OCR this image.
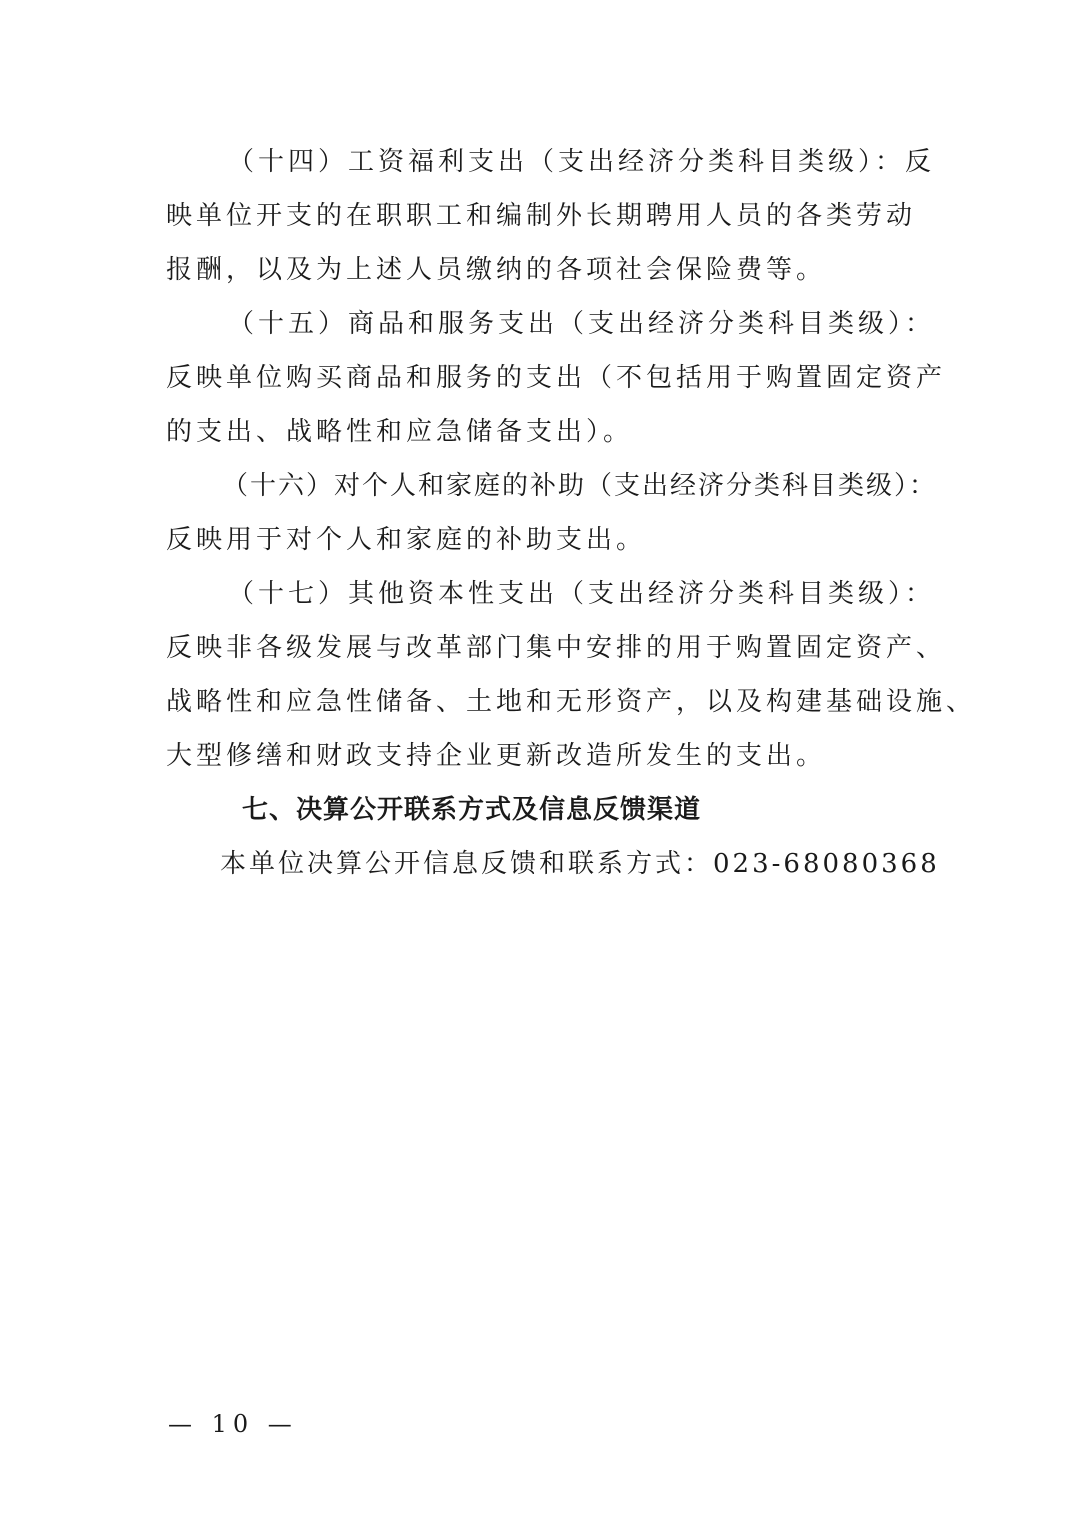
（十四）工资福利支出（支出经济分类科目类级）：反
映单位开支的在职职工和编制外长期聘用人员的各类劳动
报酬，以及为上述人员缴纳的各项社会保险费等。
（十五）商品和服务支出（支出经济分类科目类级）：
反映单位购买商品和服务的支出（不包括用于购置固定资产
的支出、战略性和应急储备支出）。
（十六）对个人和家庭的补助（支出经济分类科目类级）：
反映用于对个人和家庭的补助支出。
（十七）其他资本性支出（支出经济分类科目类级）：
反映非各级发展与改革部门集中安排的用于购置固定资产、
战略性和应急性储备、土地和无形资产，以及构建基础设施、
大型修缮和财政支持企业更新改造所发生的支出。
七、决算公开联系方式及信息反馈渠道
本单位决算公开信息反馈和联系方式：023-68080368
— 10 —
